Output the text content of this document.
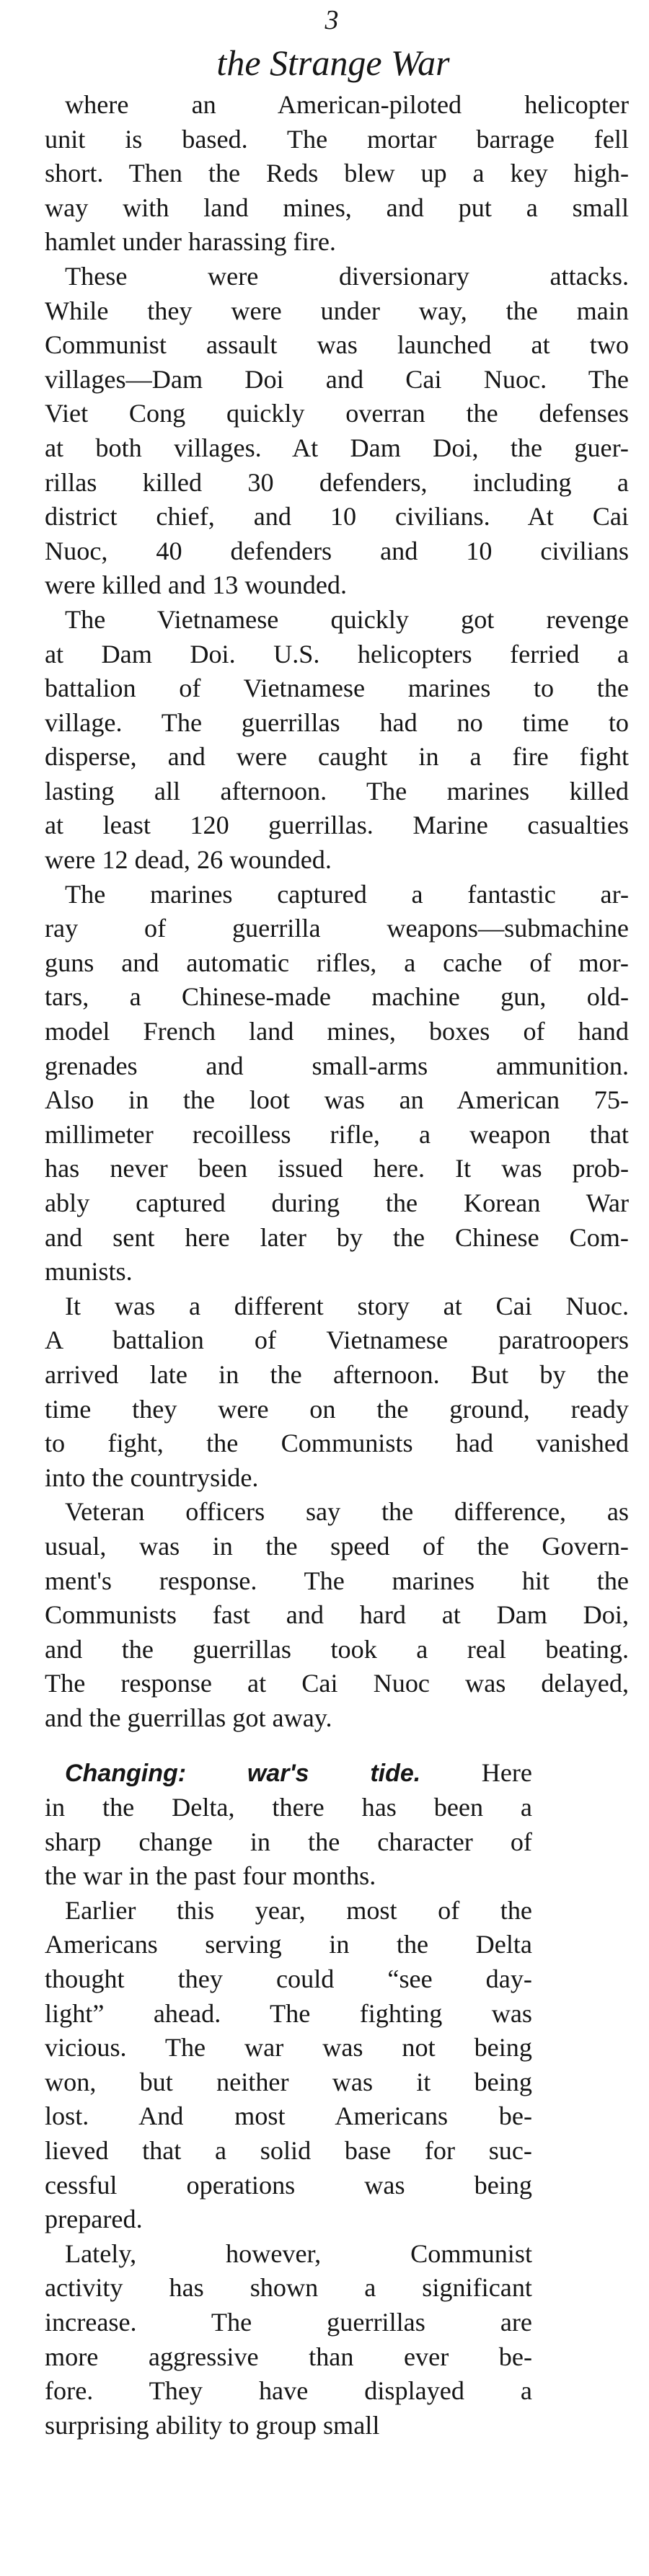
3
the Strange War
where an American-piloted helicopter
unit is based. The mortar barrage fell
short. Then the Reds blew up a key high-
way with land mines, and put a small
hamlet under harassing fire.
These were diversionary attacks.
While they were under way, the main
Communist assault was launched at two
villages—Dam Doi and Cai Nuoc. The
Viet Cong quickly overran the defenses
at both villages. At Dam Doi, the guer-
rillas killed 30 defenders, including a
district chief, and 10 civilians. At Cai
Nuoc, 40 defenders and 10 civilians
were killed and 13 wounded.
The Vietnamese quickly got revenge
at Dam Doi. U.S. helicopters ferried a
battalion of Vietnamese marines to the
village. The guerrillas had no time to
disperse, and were caught in a fire fight
lasting all afternoon. The marines killed
at least 120 guerrillas. Marine casualties
were 12 dead, 26 wounded.
The marines captured a fantastic ar-
ray of guerrilla weapons—submachine
guns and automatic rifles, a cache of mor-
tars, a Chinese-made machine gun, old-
model French land mines, boxes of hand
grenades and small-arms ammunition.
Also in the loot was an American 75-
millimeter recoilless rifle, a weapon that
has never been issued here. It was prob-
ably captured during the Korean War
and sent here later by the Chinese Com-
munists.
It was a different story at Cai Nuoc.
A battalion of Vietnamese paratroopers
arrived late in the afternoon. But by the
time they were on the ground, ready
to fight, the Communists had vanished
into the countryside.
Veteran officers say the difference, as
usual, was in the speed of the Govern-
ment's response. The marines hit the
Communists fast and hard at Dam Doi,
and the guerrillas took a real beating.
The response at Cai Nuoc was delayed,
and the guerrillas got away.
Changing: war's tide. Here
in the Delta, there has been a
sharp change in the character of
the war in the past four months.
Earlier this year, most of the
Americans serving in the Delta
thought they could “see day-
light” ahead. The fighting was
vicious. The war was not being
won, but neither was it being
lost. And most Americans be-
lieved that a solid base for suc-
cessful operations was being
prepared.
Lately, however, Communist
activity has shown a significant
increase. The guerrillas are
more aggressive than ever be-
fore. They have displayed a
surprising ability to group small
